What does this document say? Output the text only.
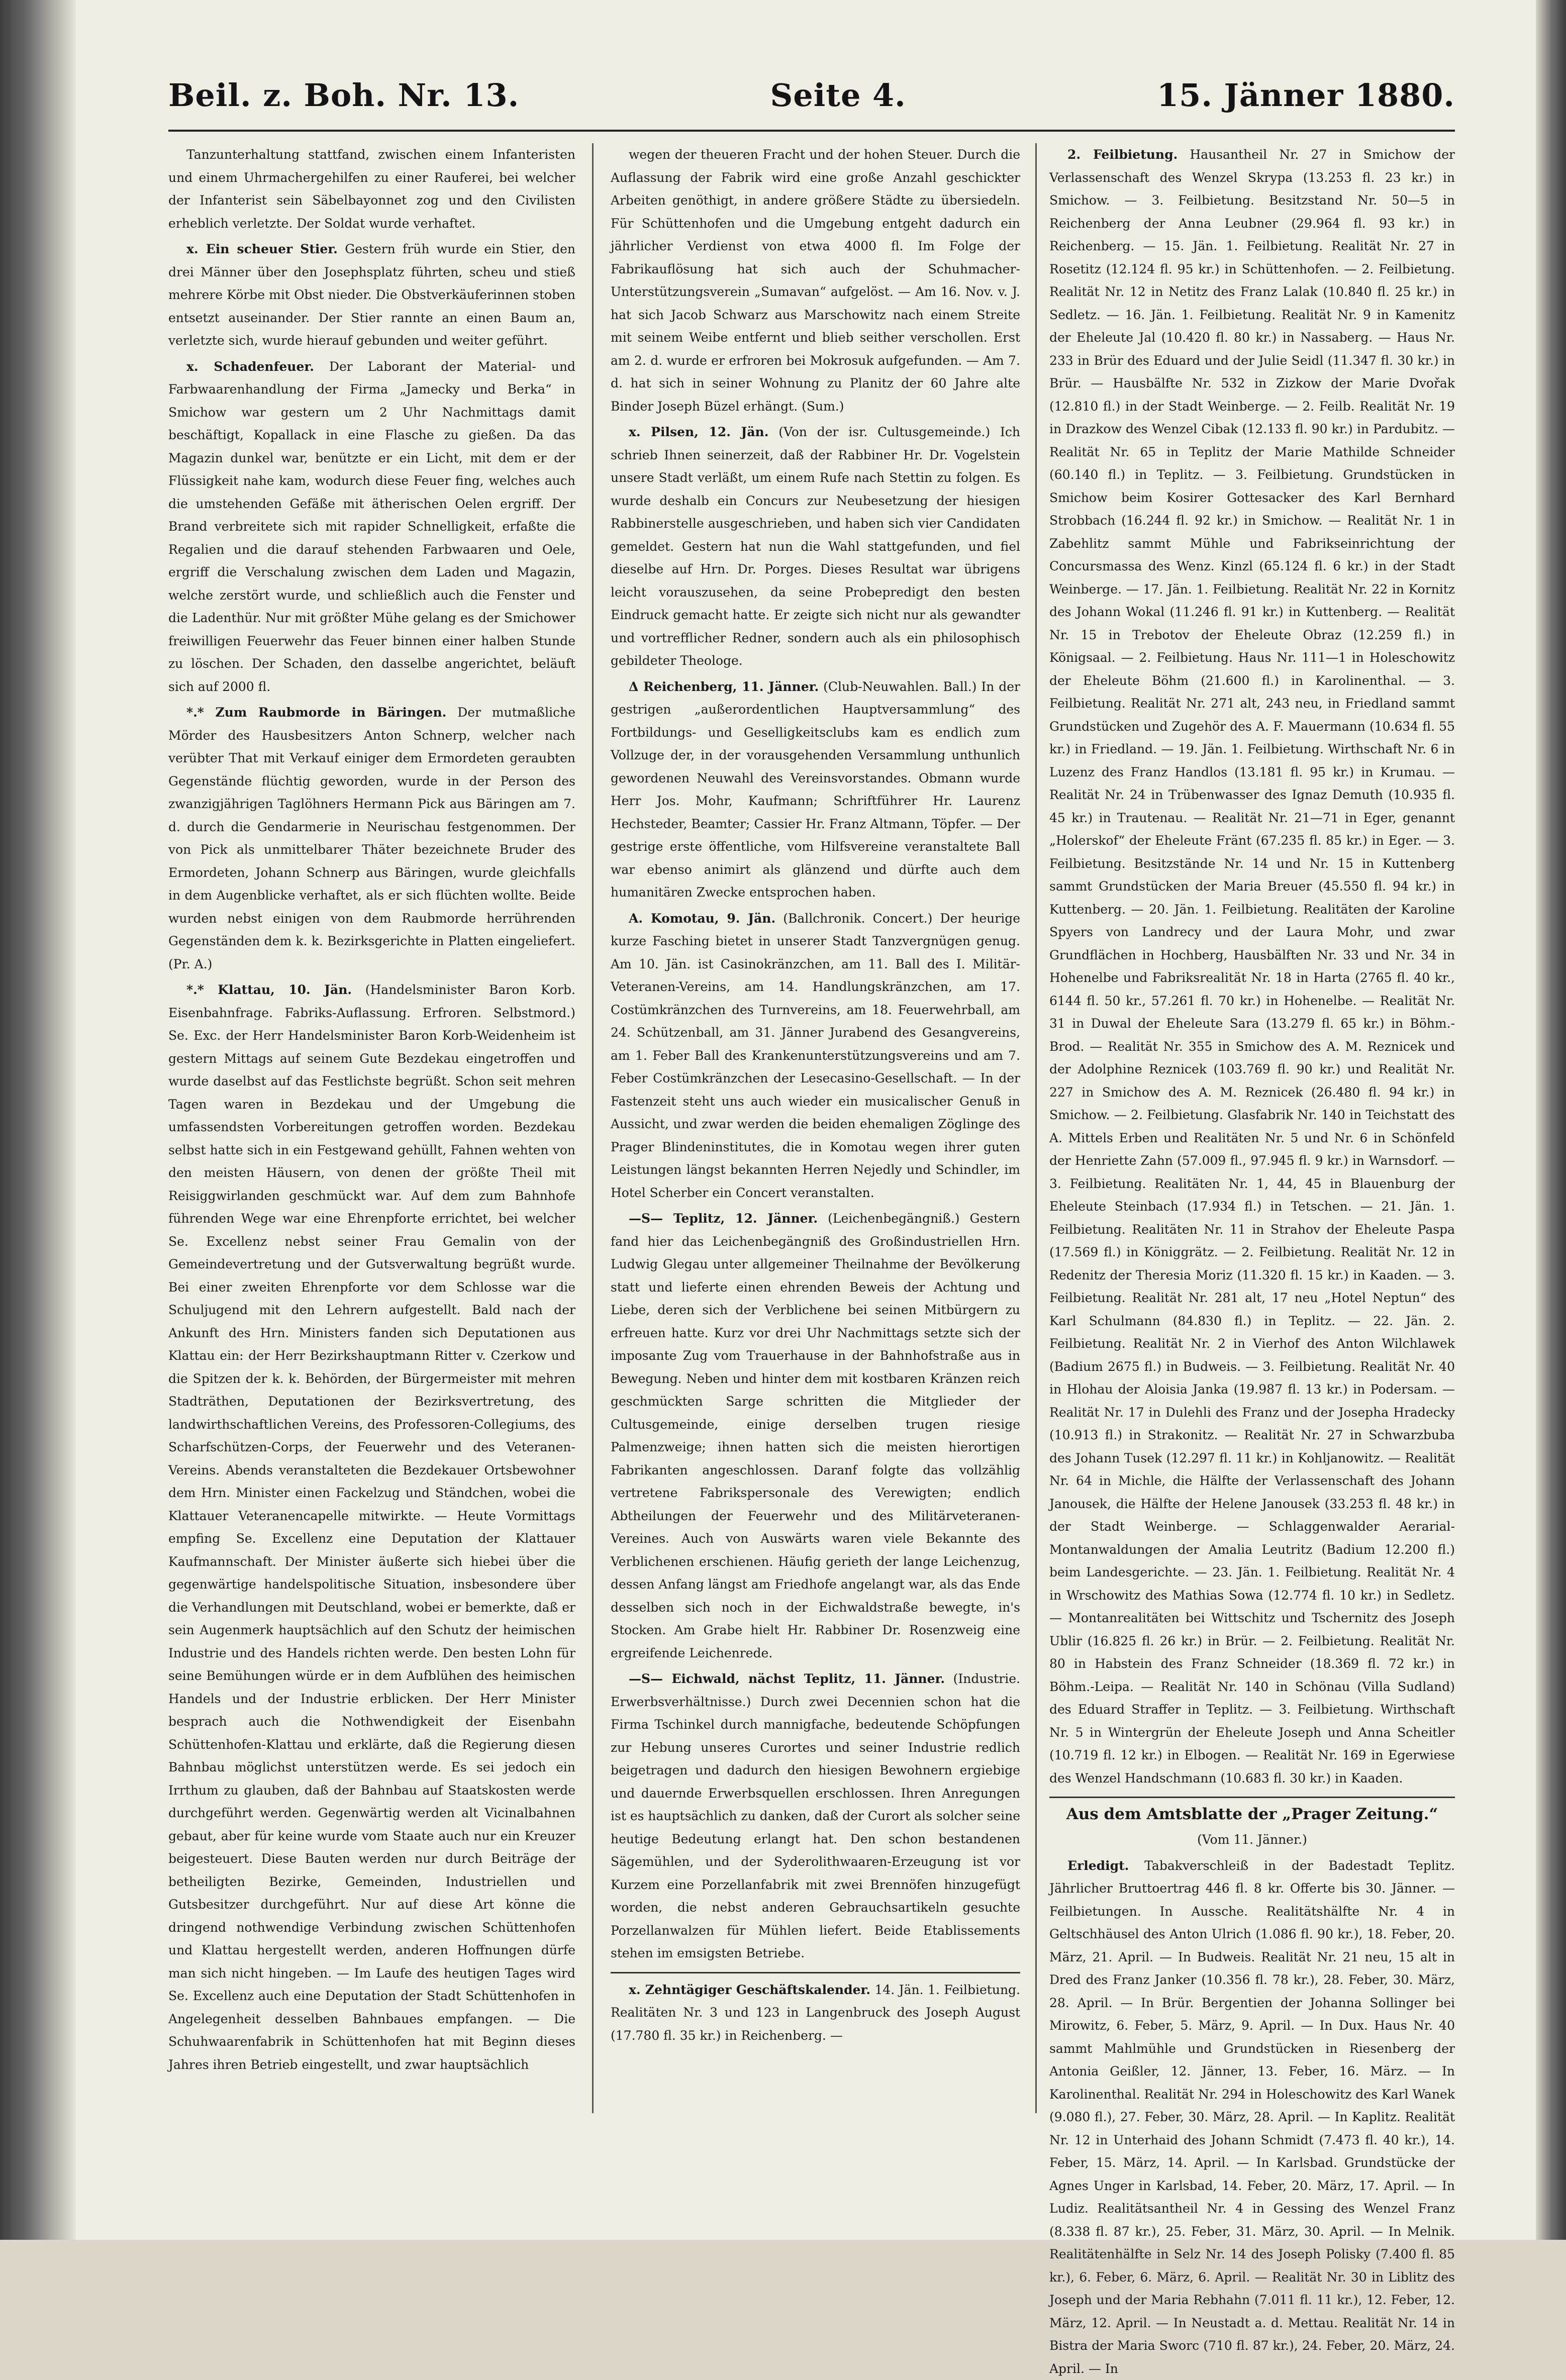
Beil. z. Boh. Nr. 13.	Seite 4.	15. Jänner 1880.

Tanzunterhaltung stattfand, zwischen einem Infanteristen und einem Uhrmachergehilfen zu einer Rauferei, bei welcher der Infanterist sein Säbelbayonnet zog und den Civilisten erheblich verletzte. Der Soldat wurde verhaftet.

x. Ein scheuer Stier. Gestern früh wurde ein Stier, den drei Männer über den Josephsplatz führten, scheu und stieß mehrere Körbe mit Obst nieder. Die Obstverkäuferinnen stoben entsetzt auseinander. Der Stier rannte an einen Baum an, verletzte sich, wurde hierauf gebunden und weiter geführt.

x. Schadenfeuer. Der Laborant der Material- und Farbwaarenhandlung der Firma „Jamecky und Berka“ in Smichow war gestern um 2 Uhr Nachmittags damit beschäftigt, Kopallack in eine Flasche zu gießen. Da das Magazin dunkel war, benützte er ein Licht, mit dem er der Flüssigkeit nahe kam, wodurch diese Feuer fing, welches auch die umstehenden Gefäße mit ätherischen Oelen ergriff. Der Brand verbreitete sich mit rapider Schnelligkeit, erfaßte die Regalien und die darauf stehenden Farbwaaren und Oele, ergriff die Verschalung zwischen dem Laden und Magazin, welche zerstört wurde, und schließlich auch die Fenster und die Ladenthür. Nur mit größter Mühe gelang es der Smichower freiwilligen Feuerwehr das Feuer binnen einer halben Stunde zu löschen. Der Schaden, den dasselbe angerichtet, beläuft sich auf 2000 fl.

*.* Zum Raubmorde in Bäringen. Der mutmaßliche Mörder des Hausbesitzers Anton Schnerp, welcher nach verübter That mit Verkauf einiger dem Ermordeten geraubten Gegenstände flüchtig geworden, wurde in der Person des zwanzigjährigen Taglöhners Hermann Pick aus Bäringen am 7. d. durch die Gendarmerie in Neurischau festgenommen. Der von Pick als unmittelbarer Thäter bezeichnete Bruder des Ermordeten, Johann Schnerp aus Bäringen, wurde gleichfalls in dem Augenblicke verhaftet, als er sich flüchten wollte. Beide wurden nebst einigen von dem Raubmorde herrührenden Gegenständen dem k. k. Bezirksgerichte in Platten eingeliefert. (Pr. A.)

*.* Klattau, 10. Jän. (Handelsminister Baron Korb. Eisenbahnfrage. Fabriks-Auflassung. Erfroren. Selbstmord.) Se. Exc. der Herr Handelsminister Baron Korb-Weidenheim ist gestern Mittags auf seinem Gute Bezdekau eingetroffen und wurde daselbst auf das Festlichste begrüßt. Schon seit mehren Tagen waren in Bezdekau und der Umgebung die umfassendsten Vorbereitungen getroffen worden. Bezdekau selbst hatte sich in ein Festgewand gehüllt, Fahnen wehten von den meisten Häusern, von denen der größte Theil mit Reisiggwirlanden geschmückt war. Auf dem zum Bahnhofe führenden Wege war eine Ehrenpforte errichtet, bei welcher Se. Excellenz nebst seiner Frau Gemalin von der Gemeindevertretung und der Gutsverwaltung begrüßt wurde. Bei einer zweiten Ehrenpforte vor dem Schlosse war die Schuljugend mit den Lehrern aufgestellt. Bald nach der Ankunft des Hrn. Ministers fanden sich Deputationen aus Klattau ein: der Herr Bezirkshauptmann Ritter v. Czerkow und die Spitzen der k. k. Behörden, der Bürgermeister mit mehren Stadträthen, Deputationen der Bezirksvertretung, des landwirthschaftlichen Vereins, des Professoren-Collegiums, des Scharfschützen-Corps, der Feuerwehr und des Veteranen-Vereins. Abends veranstalteten die Bezdekauer Ortsbewohner dem Hrn. Minister einen Fackelzug und Ständchen, wobei die Klattauer Veteranencapelle mitwirkte. — Heute Vormittags empfing Se. Excellenz eine Deputation der Klattauer Kaufmannschaft. Der Minister äußerte sich hiebei über die gegenwärtige handelspolitische Situation, insbesondere über die Verhandlungen mit Deutschland, wobei er bemerkte, daß er sein Augenmerk hauptsächlich auf den Schutz der heimischen Industrie und des Handels richten werde. Den besten Lohn für seine Bemühungen würde er in dem Aufblühen des heimischen Handels und der Industrie erblicken. Der Herr Minister besprach auch die Nothwendigkeit der Eisenbahn Schüttenhofen-Klattau und erklärte, daß die Regierung diesen Bahnbau möglichst unterstützen werde. Es sei jedoch ein Irrthum zu glauben, daß der Bahnbau auf Staatskosten werde durchgeführt werden. Gegenwärtig werden alt Vicinalbahnen gebaut, aber für keine wurde vom Staate auch nur ein Kreuzer beigesteuert. Diese Bauten werden nur durch Beiträge der betheiligten Bezirke, Gemeinden, Industriellen und Gutsbesitzer durchgeführt. Nur auf diese Art könne die dringend nothwendige Verbindung zwischen Schüttenhofen und Klattau hergestellt werden, anderen Hoffnungen dürfe man sich nicht hingeben. — Im Laufe des heutigen Tages wird Se. Excellenz auch eine Deputation der Stadt Schüttenhofen in Angelegenheit desselben Bahnbaues empfangen. — Die Schuhwaarenfabrik in Schüttenhofen hat mit Beginn dieses Jahres ihren Betrieb eingestellt, und zwar hauptsächlich

wegen der theueren Fracht und der hohen Steuer. Durch die Auflassung der Fabrik wird eine große Anzahl geschickter Arbeiten genöthigt, in andere größere Städte zu übersiedeln. Für Schüttenhofen und die Umgebung entgeht dadurch ein jährlicher Verdienst von etwa 4000 fl. Im Folge der Fabrikauflösung hat sich auch der Schuhmacher-Unterstützungsverein „Sumavan“ aufgelöst. — Am 16. Nov. v. J. hat sich Jacob Schwarz aus Marschowitz nach einem Streite mit seinem Weibe entfernt und blieb seither verschollen. Erst am 2. d. wurde er erfroren bei Mokrosuk aufgefunden. — Am 7. d. hat sich in seiner Wohnung zu Planitz der 60 Jahre alte Binder Joseph Büzel erhängt. (Sum.)

x. Pilsen, 12. Jän. (Von der isr. Cultusgemeinde.) Ich schrieb Ihnen seinerzeit, daß der Rabbiner Hr. Dr. Vogelstein unsere Stadt verläßt, um einem Rufe nach Stettin zu folgen. Es wurde deshalb ein Concurs zur Neubesetzung der hiesigen Rabbinerstelle ausgeschrieben, und haben sich vier Candidaten gemeldet. Gestern hat nun die Wahl stattgefunden, und fiel dieselbe auf Hrn. Dr. Porges. Dieses Resultat war übrigens leicht vorauszusehen, da seine Probepredigt den besten Eindruck gemacht hatte. Er zeigte sich nicht nur als gewandter und vortrefflicher Redner, sondern auch als ein philosophisch gebildeter Theologe.

Δ Reichenberg, 11. Jänner. (Club-Neuwahlen. Ball.) In der gestrigen „außerordentlichen Hauptversammlung“ des Fortbildungs- und Geselligkeitsclubs kam es endlich zum Vollzuge der, in der vorausgehenden Versammlung unthunlich gewordenen Neuwahl des Vereinsvorstandes. Obmann wurde Herr Jos. Mohr, Kaufmann; Schriftführer Hr. Laurenz Hechsteder, Beamter; Cassier Hr. Franz Altmann, Töpfer. — Der gestrige erste öffentliche, vom Hilfsvereine veranstaltete Ball war ebenso animirt als glänzend und dürfte auch dem humanitären Zwecke entsprochen haben.

A. Komotau, 9. Jän. (Ballchronik. Concert.) Der heurige kurze Fasching bietet in unserer Stadt Tanzvergnügen genug. Am 10. Jän. ist Casinokränzchen, am 11. Ball des I. Militär-Veteranen-Vereins, am 14. Handlungskränzchen, am 17. Costümkränzchen des Turnvereins, am 18. Feuerwehrball, am 24. Schützenball, am 31. Jänner Jurabend des Gesangvereins, am 1. Feber Ball des Krankenunterstützungsvereins und am 7. Feber Costümkränzchen der Lesecasino-Gesellschaft. — In der Fastenzeit steht uns auch wieder ein musicalischer Genuß in Aussicht, und zwar werden die beiden ehemaligen Zöglinge des Prager Blindeninstitutes, die in Komotau wegen ihrer guten Leistungen längst bekannten Herren Nejedly und Schindler, im Hotel Scherber ein Concert veranstalten.

—S— Teplitz, 12. Jänner. (Leichenbegängniß.) Gestern fand hier das Leichenbegängniß des Großindustriellen Hrn. Ludwig Glegau unter allgemeiner Theilnahme der Bevölkerung statt und lieferte einen ehrenden Beweis der Achtung und Liebe, deren sich der Verblichene bei seinen Mitbürgern zu erfreuen hatte. Kurz vor drei Uhr Nachmittags setzte sich der imposante Zug vom Trauerhause in der Bahnhofstraße aus in Bewegung. Neben und hinter dem mit kostbaren Kränzen reich geschmückten Sarge schritten die Mitglieder der Cultusgemeinde, einige derselben trugen riesige Palmenzweige; ihnen hatten sich die meisten hierortigen Fabrikanten angeschlossen. Daranf folgte das vollzählig vertretene Fabrikspersonale des Verewigten; endlich Abtheilungen der Feuerwehr und des Militärveteranen-Vereines. Auch von Auswärts waren viele Bekannte des Verblichenen erschienen. Häufig gerieth der lange Leichenzug, dessen Anfang längst am Friedhofe angelangt war, als das Ende desselben sich noch in der Eichwaldstraße bewegte, in's Stocken. Am Grabe hielt Hr. Rabbiner Dr. Rosenzweig eine ergreifende Leichenrede.

—S— Eichwald, nächst Teplitz, 11. Jänner. (Industrie. Erwerbsverhältnisse.) Durch zwei Decennien schon hat die Firma Tschinkel durch mannigfache, bedeutende Schöpfungen zur Hebung unseres Curortes und seiner Industrie redlich beigetragen und dadurch den hiesigen Bewohnern ergiebige und dauernde Erwerbsquellen erschlossen. Ihren Anregungen ist es hauptsächlich zu danken, daß der Curort als solcher seine heutige Bedeutung erlangt hat. Den schon bestandenen Sägemühlen, und der Syderolithwaaren-Erzeugung ist vor Kurzem eine Porzellanfabrik mit zwei Brennöfen hinzugefügt worden, die nebst anderen Gebrauchsartikeln gesuchte Porzellanwalzen für Mühlen liefert. Beide Etablissements stehen im emsigsten Betriebe.

x. Zehntägiger Geschäftskalender. 14. Jän. 1. Feilbietung. Realitäten Nr. 3 und 123 in Langenbruck des Joseph August (17.780 fl. 35 kr.) in Reichenberg. —

2. Feilbietung. Hausantheil Nr. 27 in Smichow der Verlassenschaft des Wenzel Skrypa (13.253 fl. 23 kr.) in Smichow. — 3. Feilbietung. Besitzstand Nr. 50—5 in Reichenberg der Anna Leubner (29.964 fl. 93 kr.) in Reichenberg. — 15. Jän. 1. Feilbietung. Realität Nr. 27 in Rosetitz (12.124 fl. 95 kr.) in Schüttenhofen. — 2. Feilbietung. Realität Nr. 12 in Netitz des Franz Lalak (10.840 fl. 25 kr.) in Sedletz. — 16. Jän. 1. Feilbietung. Realität Nr. 9 in Kamenitz der Eheleute Jal (10.420 fl. 80 kr.) in Nassaberg. — Haus Nr. 233 in Brür des Eduard und der Julie Seidl (11.347 fl. 30 kr.) in Brür. — Hausbälfte Nr. 532 in Zizkow der Marie Dvořak (12.810 fl.) in der Stadt Weinberge. — 2. Feilb. Realität Nr. 19 in Drazkow des Wenzel Cibak (12.133 fl. 90 kr.) in Pardubitz. — Realität Nr. 65 in Teplitz der Marie Mathilde Schneider (60.140 fl.) in Teplitz. — 3. Feilbietung. Grundstücken in Smichow beim Kosirer Gottesacker des Karl Bernhard Strobbach (16.244 fl. 92 kr.) in Smichow. — Realität Nr. 1 in Zabehlitz sammt Mühle und Fabrikseinrichtung der Concursmassa des Wenz. Kinzl (65.124 fl. 6 kr.) in der Stadt Weinberge. — 17. Jän. 1. Feilbietung. Realität Nr. 22 in Kornitz des Johann Wokal (11.246 fl. 91 kr.) in Kuttenberg. — Realität Nr. 15 in Trebotov der Eheleute Obraz (12.259 fl.) in Königsaal. — 2. Feilbietung. Haus Nr. 111—1 in Holeschowitz der Eheleute Böhm (21.600 fl.) in Karolinenthal. — 3. Feilbietung. Realität Nr. 271 alt, 243 neu, in Friedland sammt Grundstücken und Zugehör des A. F. Mauermann (10.634 fl. 55 kr.) in Friedland. — 19. Jän. 1. Feilbietung. Wirthschaft Nr. 6 in Luzenz des Franz Handlos (13.181 fl. 95 kr.) in Krumau. — Realität Nr. 24 in Trübenwasser des Ignaz Demuth (10.935 fl. 45 kr.) in Trautenau. — Realität Nr. 21—71 in Eger, genannt „Holerskof“ der Eheleute Fränt (67.235 fl. 85 kr.) in Eger. — 3. Feilbietung. Besitzstände Nr. 14 und Nr. 15 in Kuttenberg sammt Grundstücken der Maria Breuer (45.550 fl. 94 kr.) in Kuttenberg. — 20. Jän. 1. Feilbietung. Realitäten der Karoline Spyers von Landrecy und der Laura Mohr, und zwar Grundflächen in Hochberg, Hausbälften Nr. 33 und Nr. 34 in Hohenelbe und Fabriksrealität Nr. 18 in Harta (2765 fl. 40 kr., 6144 fl. 50 kr., 57.261 fl. 70 kr.) in Hohenelbe. — Realität Nr. 31 in Duwal der Eheleute Sara (13.279 fl. 65 kr.) in Böhm.-Brod. — Realität Nr. 355 in Smichow des A. M. Reznicek und der Adolphine Reznicek (103.769 fl. 90 kr.) und Realität Nr. 227 in Smichow des A. M. Reznicek (26.480 fl. 94 kr.) in Smichow. — 2. Feilbietung. Glasfabrik Nr. 140 in Teichstatt des A. Mittels Erben und Realitäten Nr. 5 und Nr. 6 in Schönfeld der Henriette Zahn (57.009 fl., 97.945 fl. 9 kr.) in Warnsdorf. — 3. Feilbietung. Realitäten Nr. 1, 44, 45 in Blauenburg der Eheleute Steinbach (17.934 fl.) in Tetschen. — 21. Jän. 1. Feilbietung. Realitäten Nr. 11 in Strahov der Eheleute Paspa (17.569 fl.) in Königgrätz. — 2. Feilbietung. Realität Nr. 12 in Redenitz der Theresia Moriz (11.320 fl. 15 kr.) in Kaaden. — 3. Feilbietung. Realität Nr. 281 alt, 17 neu „Hotel Neptun“ des Karl Schulmann (84.830 fl.) in Teplitz. — 22. Jän. 2. Feilbietung. Realität Nr. 2 in Vierhof des Anton Wilchlawek (Badium 2675 fl.) in Budweis. — 3. Feilbietung. Realität Nr. 40 in Hlohau der Aloisia Janka (19.987 fl. 13 kr.) in Podersam. — Realität Nr. 17 in Dulehli des Franz und der Josepha Hradecky (10.913 fl.) in Strakonitz. — Realität Nr. 27 in Schwarzbuba des Johann Tusek (12.297 fl. 11 kr.) in Kohljanowitz. — Realität Nr. 64 in Michle, die Hälfte der Verlassenschaft des Johann Janousek, die Hälfte der Helene Janousek (33.253 fl. 48 kr.) in der Stadt Weinberge. — Schlaggenwalder Aerarial-Montanwaldungen der Amalia Leutritz (Badium 12.200 fl.) beim Landesgerichte. — 23. Jän. 1. Feilbietung. Realität Nr. 4 in Wrschowitz des Mathias Sowa (12.774 fl. 10 kr.) in Sedletz. — Montanrealitäten bei Wittschitz und Tschernitz des Joseph Ublir (16.825 fl. 26 kr.) in Brür. — 2. Feilbietung. Realität Nr. 80 in Habstein des Franz Schneider (18.369 fl. 72 kr.) in Böhm.-Leipa. — Realität Nr. 140 in Schönau (Villa Sudland) des Eduard Straffer in Teplitz. — 3. Feilbietung. Wirthschaft Nr. 5 in Wintergrün der Eheleute Joseph und Anna Scheitler (10.719 fl. 12 kr.) in Elbogen. — Realität Nr. 169 in Egerwiese des Wenzel Handschmann (10.683 fl. 30 kr.) in Kaaden.

Aus dem Amtsblatte der „Prager Zeitung.“

(Vom 11. Jänner.)

Erledigt. Tabakverschleiß in der Badestadt Teplitz. Jährlicher Bruttoertrag 446 fl. 8 kr. Offerte bis 30. Jänner. — Feilbietungen. In Aussche. Realitätshälfte Nr. 4 in Geltschhäusel des Anton Ulrich (1.086 fl. 90 kr.), 18. Feber, 20. März, 21. April. — In Budweis. Realität Nr. 21 neu, 15 alt in Dred des Franz Janker (10.356 fl. 78 kr.), 28. Feber, 30. März, 28. April. — In Brür. Bergentien der Johanna Sollinger bei Mirowitz, 6. Feber, 5. März, 9. April. — In Dux. Haus Nr. 40 sammt Mahlmühle und Grundstücken in Riesenberg der Antonia Geißler, 12. Jänner, 13. Feber, 16. März. — In Karolinenthal. Realität Nr. 294 in Holeschowitz des Karl Wanek (9.080 fl.), 27. Feber, 30. März, 28. April. — In Kaplitz. Realität Nr. 12 in Unterhaid des Johann Schmidt (7.473 fl. 40 kr.), 14. Feber, 15. März, 14. April. — In Karlsbad. Grundstücke der Agnes Unger in Karlsbad, 14. Feber, 20. März, 17. April. — In Ludiz. Realitätsantheil Nr. 4 in Gessing des Wenzel Franz (8.338 fl. 87 kr.), 25. Feber, 31. März, 30. April. — In Melnik. Realitätenhälfte in Selz Nr. 14 des Joseph Polisky (7.400 fl. 85 kr.), 6. Feber, 6. März, 6. April. — Realität Nr. 30 in Liblitz des Joseph und der Maria Rebhahn (7.011 fl. 11 kr.), 12. Feber, 12. März, 12. April. — In Neustadt a. d. Mettau. Realität Nr. 14 in Bistra der Maria Sworc (710 fl. 87 kr.), 24. Feber, 20. März, 24. April. — In
